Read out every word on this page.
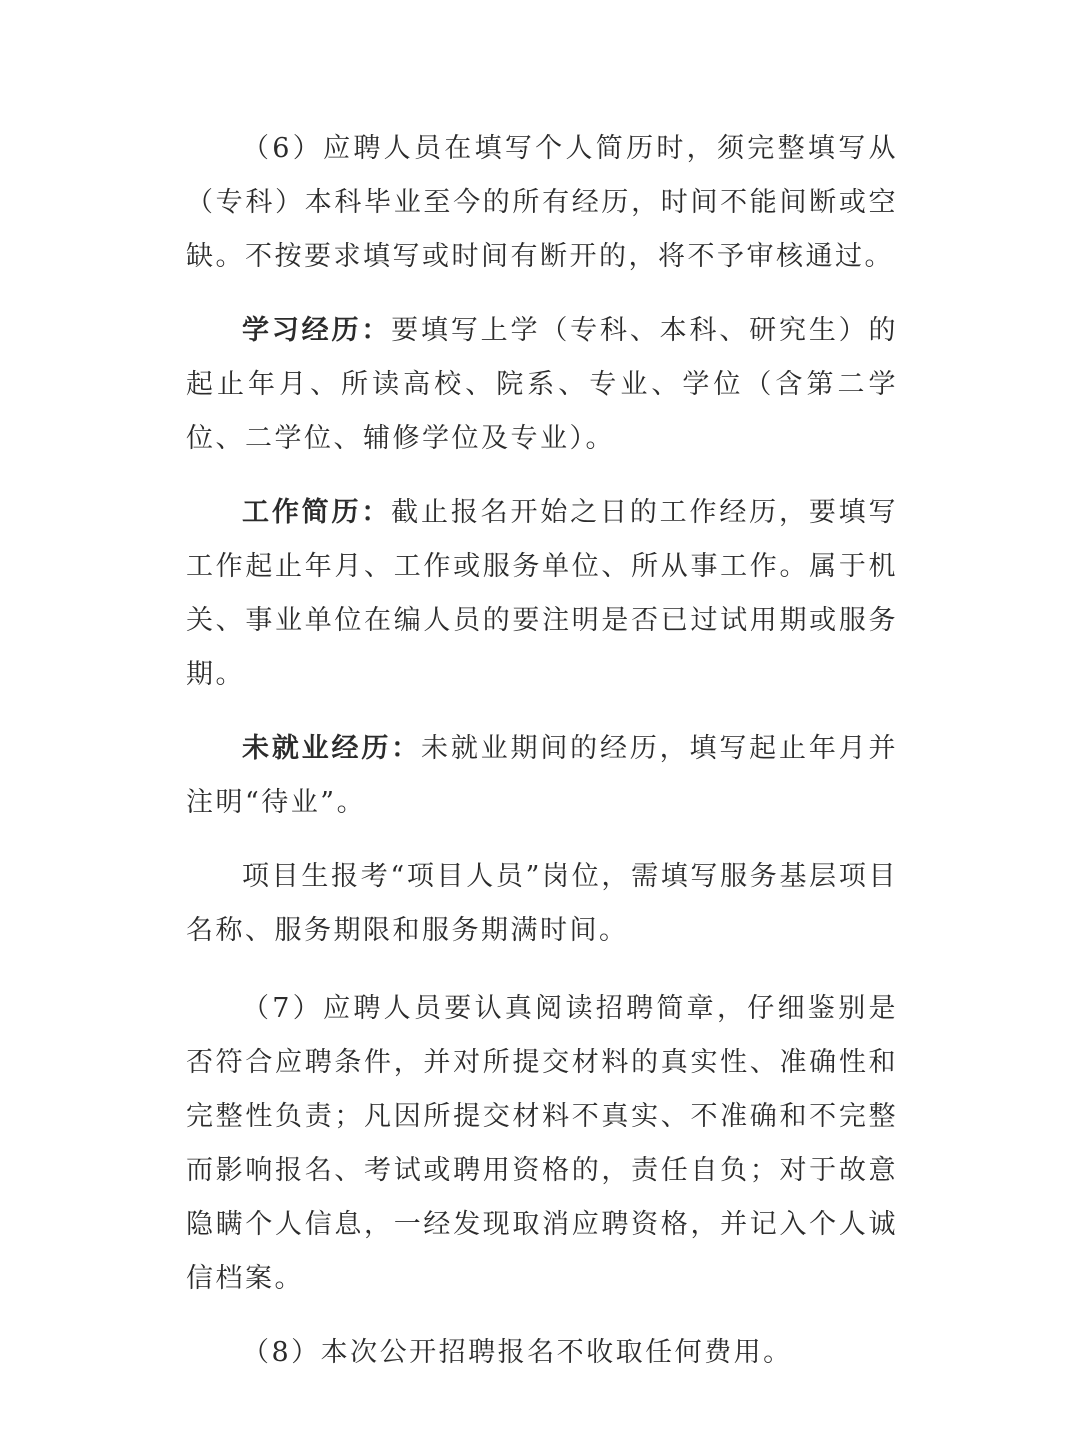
（6）应聘人员在填写个人简历时，须完整填写从（专科）本科毕业至今的所有经历，时间不能间断或空缺。不按要求填写或时间有断开的，将不予审核通过。

学习经历：要填写上学（专科、本科、研究生）的起止年月、所读高校、院系、专业、学位（含第二学位、二学位、辅修学位及专业）。

工作简历：截止报名开始之日的工作经历，要填写工作起止年月、工作或服务单位、所从事工作。属于机关、事业单位在编人员的要注明是否已过试用期或服务期。

未就业经历：未就业期间的经历，填写起止年月并注明“待业”。

项目生报考“项目人员”岗位，需填写服务基层项目名称、服务期限和服务期满时间。

（7）应聘人员要认真阅读招聘简章，仔细鉴别是否符合应聘条件，并对所提交材料的真实性、准确性和完整性负责；凡因所提交材料不真实、不准确和不完整而影响报名、考试或聘用资格的，责任自负；对于故意隐瞒个人信息，一经发现取消应聘资格，并记入个人诚信档案。

（8）本次公开招聘报名不收取任何费用。
